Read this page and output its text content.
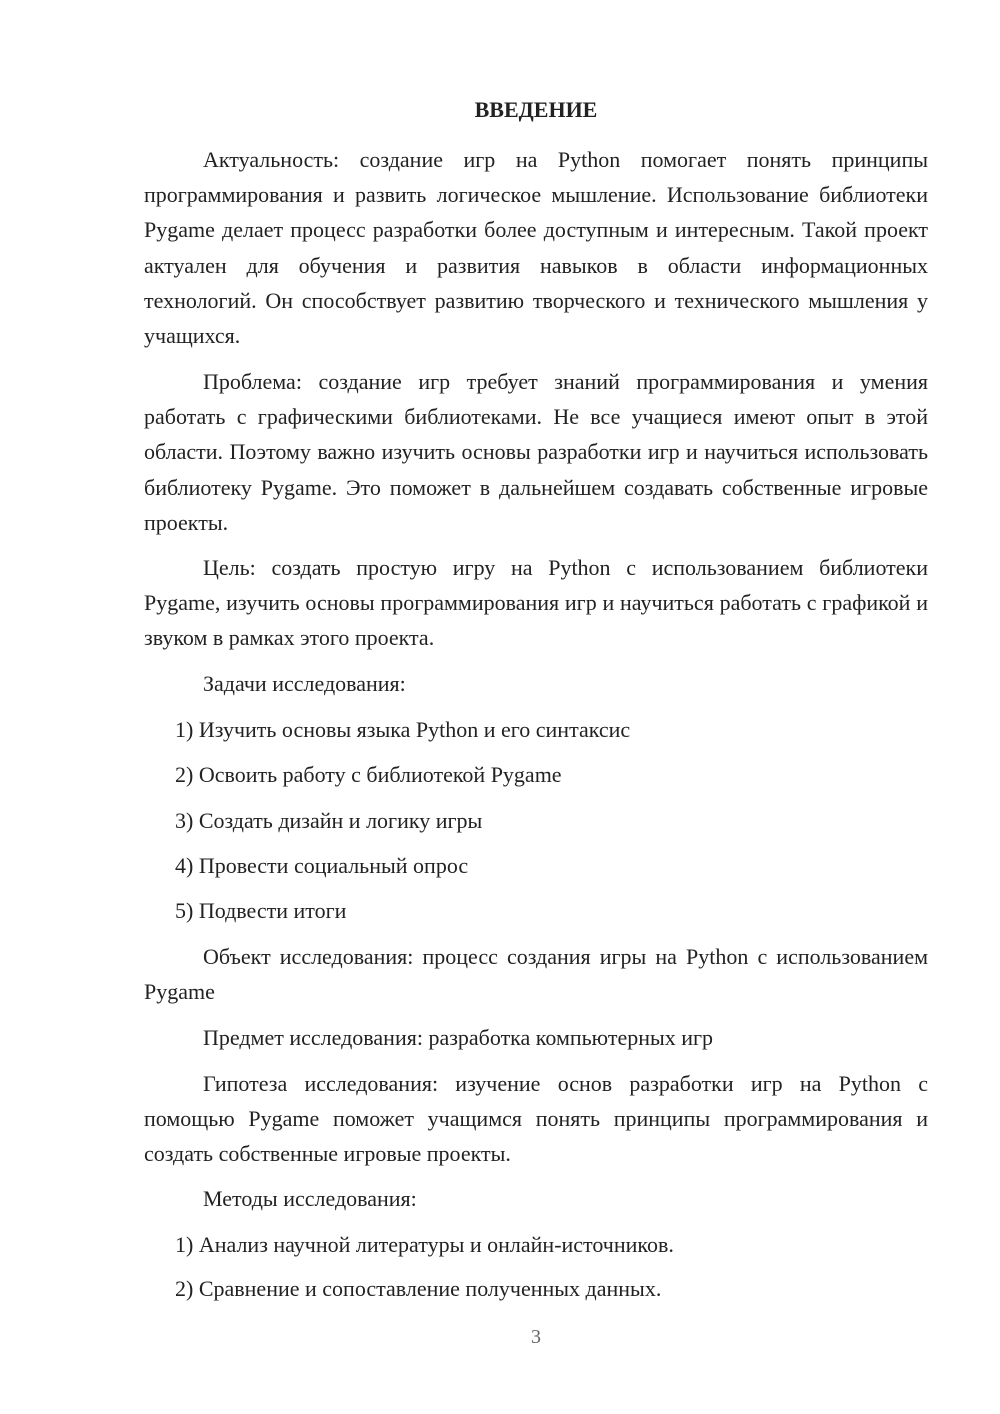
ВВЕДЕНИЕ
Актуальность: создание игр на Python помогает понять принципы программирования и развить логическое мышление. Использование библиотеки Pygame делает процесс разработки более доступным и интересным. Такой проект актуален для обучения и развития навыков в области информационных технологий. Он способствует развитию творческого и технического мышления у учащихся.
Проблема: создание игр требует знаний программирования и умения работать с графическими библиотеками. Не все учащиеся имеют опыт в этой области. Поэтому важно изучить основы разработки игр и научиться использовать библиотеку Pygame. Это поможет в дальнейшем создавать собственные игровые проекты.
Цель: создать простую игру на Python с использованием библиотеки Pygame, изучить основы программирования игр и научиться работать с графикой и звуком в рамках этого проекта.
Задачи исследования:
1) Изучить основы языка Python и его синтаксис
2) Освоить работу с библиотекой Pygame
3) Создать дизайн и логику игры
4) Провести социальный опрос
5) Подвести итоги
Объект исследования: процесс создания игры на Python с использованием Pygame
Предмет исследования: разработка компьютерных игр
Гипотеза исследования: изучение основ разработки игр на Python с помощью Pygame поможет учащимся понять принципы программирования и создать собственные игровые проекты.
Методы исследования:
1) Анализ научной литературы и онлайн-источников.
2) Сравнение и сопоставление полученных данных.
3
